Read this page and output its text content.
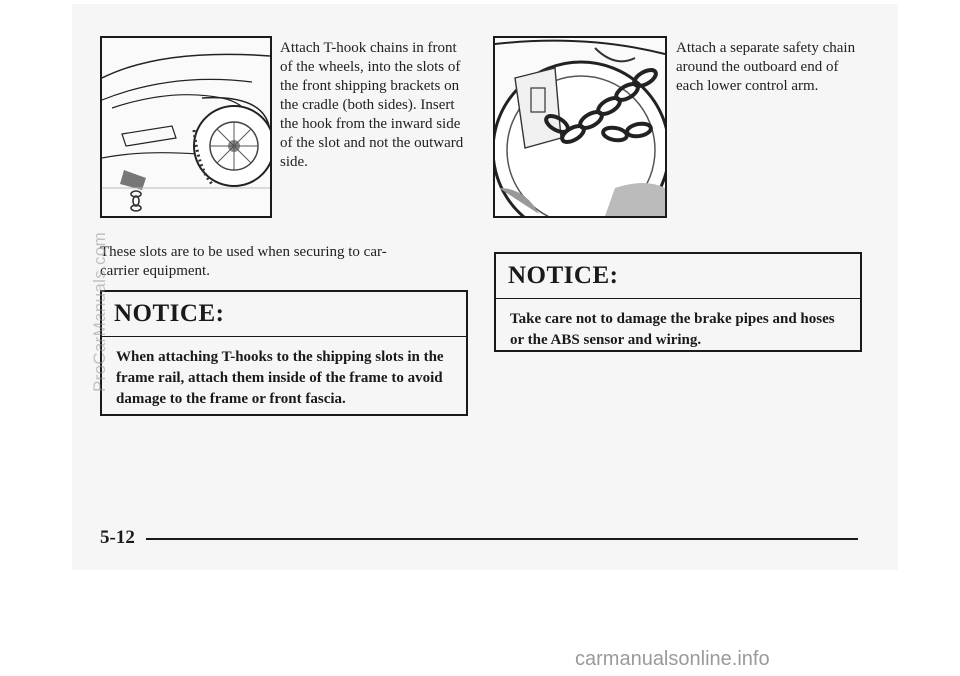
Attach T-hook chains in front of the wheels, into the slots of the front shipping brackets on the cradle (both sides). Insert the hook from the inward side of the slot and not the outward side.
These slots are to be used when securing to car-carrier equipment.
NOTICE:
When attaching T-hooks to the shipping slots in the frame rail, attach them inside of the frame to avoid damage to the frame or front fascia.
Attach a separate safety chain around the outboard end of each lower control arm.
NOTICE:
Take care not to damage the brake pipes and hoses or the ABS sensor and wiring.
5-12
ProCarManuals.com
carmanualsonline.info
